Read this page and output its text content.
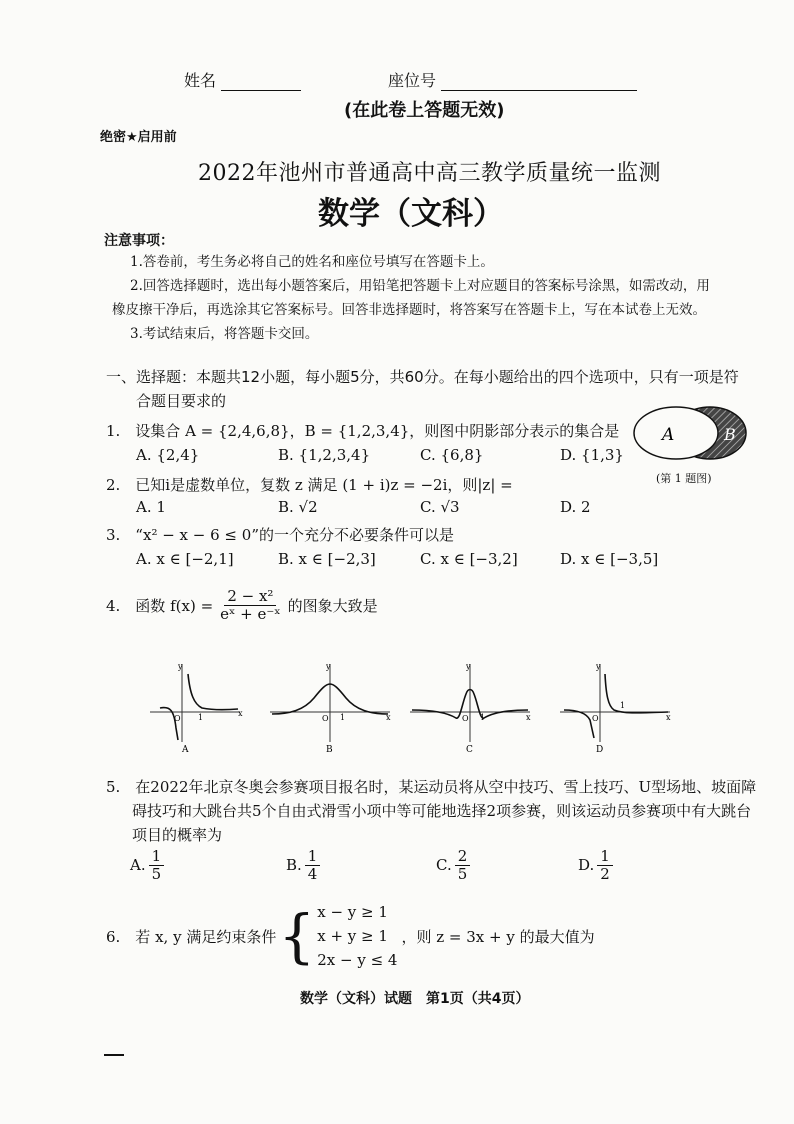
姓名	座位号
(在此卷上答题无效)
绝密★启用前
2022年池州市普通高中高三教学质量统一监测
数学（文科）
注意事项：
1.答卷前，考生务必将自己的姓名和座位号填写在答题卡上。
2.回答选择题时，选出每小题答案后，用铅笔把答题卡上对应题目的答案标号涂黑，如需改动，用
橡皮擦干净后，再选涂其它答案标号。回答非选择题时，将答案写在答题卡上，写在本试卷上无效。
3.考试结束后，将答题卡交回。
一、选择题：本题共12小题，每小题5分，共60分。在每小题给出的四个选项中，只有一项是符
合题目要求的
1.　设集合 A = {2,4,6,8}，B = {1,2,3,4}，则图中阴影部分表示的集合是
A. {2,4}	B. {1,2,3,4}	C. {6,8}	D. {1,3}
A	B
(第 1 题图)
2.　已知i是虚数单位，复数 z 满足 (1 + i)z = −2i，则|z| =
A. 1	B. √2	C. √3	D. 2
3.　“x² − x − 6 ≤ 0”的一个充分不必要条件可以是
A. x ∈ [−2,1]	B. x ∈ [−2,3]	C. x ∈ [−3,2]	D. x ∈ [−3,5]
4.　函数 $f(x) = \frac{\text{2 − x²}}{\text{eˣ + e⁻ˣ}}$ 的图象大致是
y
x
O 1
A
y
x
O 1
B
y
x
O 1
C
y
x
O
1
D
5.　在2022年北京冬奥会参赛项目报名时，某运动员将从空中技巧、雪上技巧、U型场地、坡面障
碍技巧和大跳台共5个自由式滑雪小项中等可能地选择2项参赛，则该运动员参赛项中有大跳台
项目的概率为
A. $\frac{1}{5}$	B. $\frac{1}{4}$	C. $\frac{2}{5}$	D. $\frac{1}{2}$
6.　若 x, y 满足约束条件 { x − y ≥ 1
x + y ≥ 1
2x − y ≤ 4
，则 z = 3x + y 的最大值为
数学（文科）试题　第1页（共4页）
